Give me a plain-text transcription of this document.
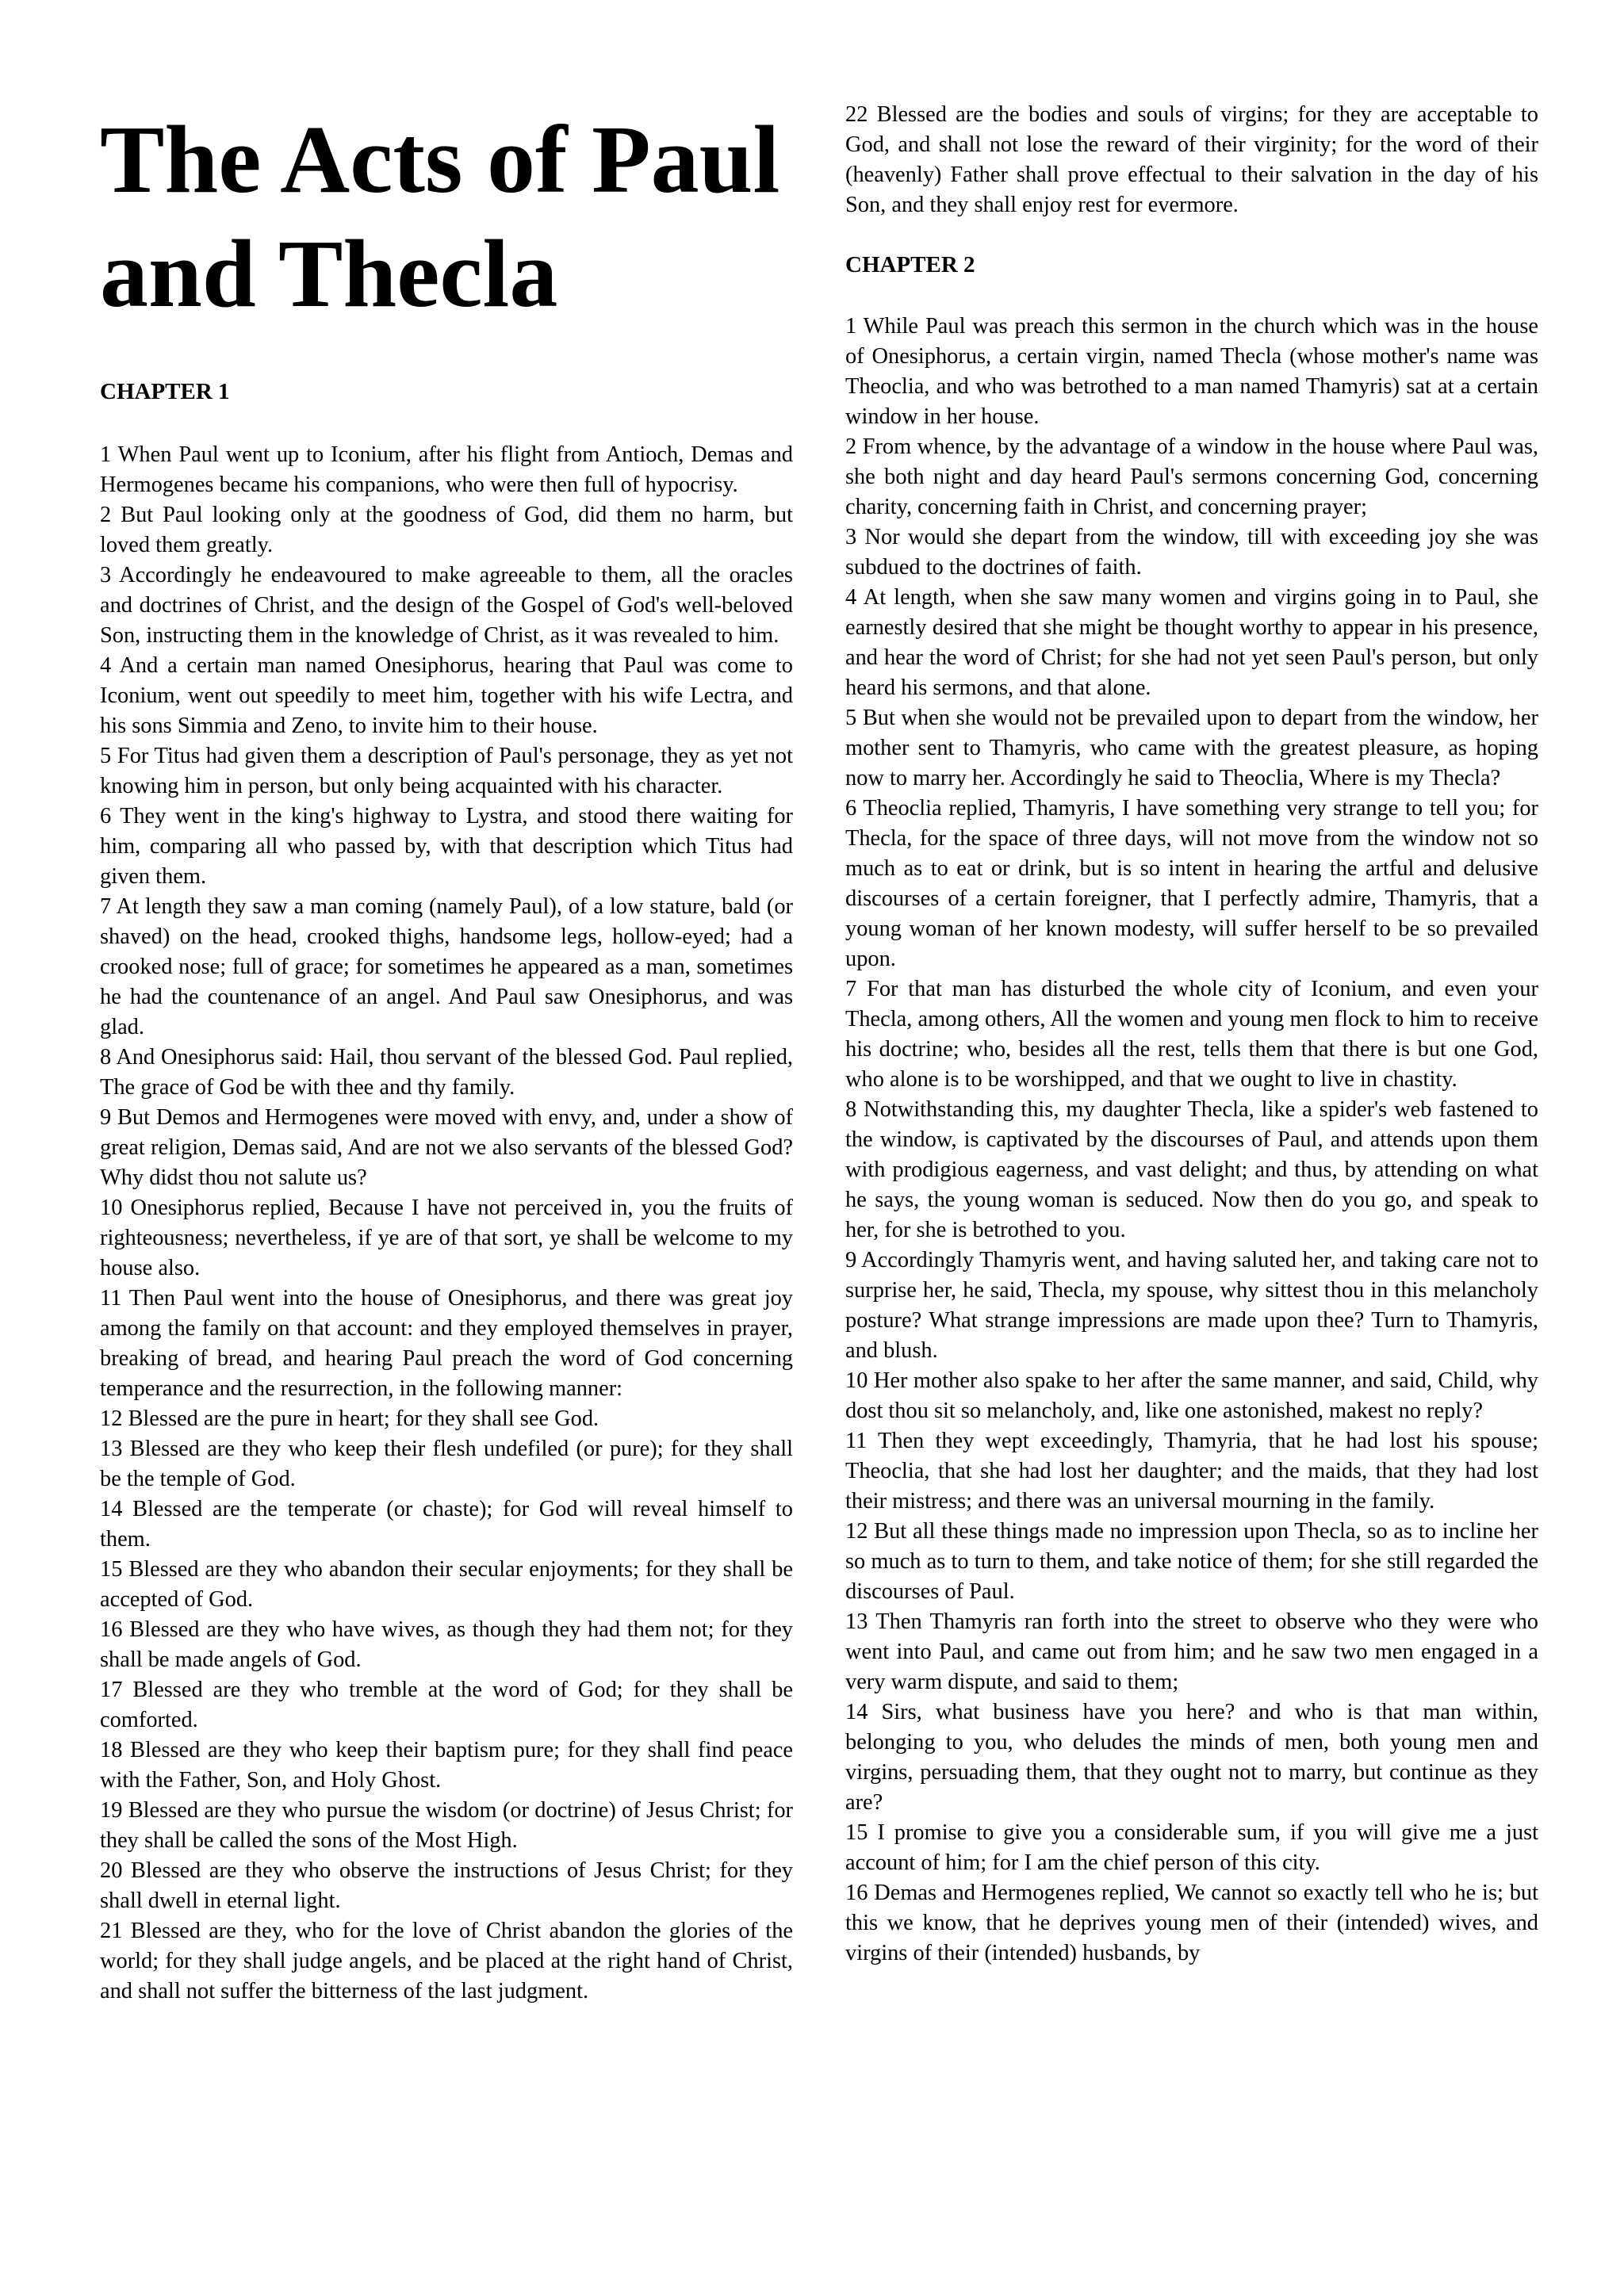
The Acts of Paul and Thecla
CHAPTER 1

1 When Paul went up to Iconium, after his flight from Antioch, Demas and Hermogenes became his companions, who were then full of hypocrisy.

2 But Paul looking only at the goodness of God, did them no harm, but loved them greatly.

3 Accordingly he endeavoured to make agreeable to them, all the oracles and doctrines of Christ, and the design of the Gospel of God's well-beloved Son, instructing them in the knowledge of Christ, as it was revealed to him.

4 And a certain man named Onesiphorus, hearing that Paul was come to Iconium, went out speedily to meet him, together with his wife Lectra, and his sons Simmia and Zeno, to invite him to their house.

5 For Titus had given them a description of Paul's personage, they as yet not knowing him in person, but only being acquainted with his character.

6 They went in the king's highway to Lystra, and stood there waiting for him, comparing all who passed by, with that description which Titus had given them.

7 At length they saw a man coming (namely Paul), of a low stature, bald (or shaved) on the head, crooked thighs, handsome legs, hollow-eyed; had a crooked nose; full of grace; for sometimes he appeared as a man, sometimes he had the countenance of an angel. And Paul saw Onesiphorus, and was glad.

8 And Onesiphorus said: Hail, thou servant of the blessed God. Paul replied, The grace of God be with thee and thy family.

9 But Demos and Hermogenes were moved with envy, and, under a show of great religion, Demas said, And are not we also servants of the blessed God? Why didst thou not salute us?

10 Onesiphorus replied, Because I have not perceived in, you the fruits of righteousness; nevertheless, if ye are of that sort, ye shall be welcome to my house also.

11 Then Paul went into the house of Onesiphorus, and there was great joy among the family on that account: and they employed themselves in prayer, breaking of bread, and hearing Paul preach the word of God concerning temperance and the resurrection, in the following manner:

12 Blessed are the pure in heart; for they shall see God.

13 Blessed are they who keep their flesh undefiled (or pure); for they shall be the temple of God.

14 Blessed are the temperate (or chaste); for God will reveal himself to them.

15 Blessed are they who abandon their secular enjoyments; for they shall be accepted of God.

16 Blessed are they who have wives, as though they had them not; for they shall be made angels of God.

17 Blessed are they who tremble at the word of God; for they shall be comforted.

18 Blessed are they who keep their baptism pure; for they shall find peace with the Father, Son, and Holy Ghost.

19 Blessed are they who pursue the wisdom (or doctrine) of Jesus Christ; for they shall be called the sons of the Most High.

20 Blessed are they who observe the instructions of Jesus Christ; for they shall dwell in eternal light.

21 Blessed are they, who for the love of Christ abandon the glories of the world; for they shall judge angels, and be placed at the right hand of Christ, and shall not suffer the bitterness of the last judgment.

22 Blessed are the bodies and souls of virgins; for they are acceptable to God, and shall not lose the reward of their virginity; for the word of their (heavenly) Father shall prove effectual to their salvation in the day of his Son, and they shall enjoy rest for evermore.

CHAPTER 2

1 While Paul was preach this sermon in the church which was in the house of Onesiphorus, a certain virgin, named Thecla (whose mother's name was Theoclia, and who was betrothed to a man named Thamyris) sat at a certain window in her house.

2 From whence, by the advantage of a window in the house where Paul was, she both night and day heard Paul's sermons concerning God, concerning charity, concerning faith in Christ, and concerning prayer;

3 Nor would she depart from the window, till with exceeding joy she was subdued to the doctrines of faith.

4 At length, when she saw many women and virgins going in to Paul, she earnestly desired that she might be thought worthy to appear in his presence, and hear the word of Christ; for she had not yet seen Paul's person, but only heard his sermons, and that alone.

5 But when she would not be prevailed upon to depart from the window, her mother sent to Thamyris, who came with the greatest pleasure, as hoping now to marry her. Accordingly he said to Theoclia, Where is my Thecla?

6 Theoclia replied, Thamyris, I have something very strange to tell you; for Thecla, for the space of three days, will not move from the window not so much as to eat or drink, but is so intent in hearing the artful and delusive discourses of a certain foreigner, that I perfectly admire, Thamyris, that a young woman of her known modesty, will suffer herself to be so prevailed upon.

7 For that man has disturbed the whole city of Iconium, and even your Thecla, among others, All the women and young men flock to him to receive his doctrine; who, besides all the rest, tells them that there is but one God, who alone is to be worshipped, and that we ought to live in chastity.

8 Notwithstanding this, my daughter Thecla, like a spider's web fastened to the window, is captivated by the discourses of Paul, and attends upon them with prodigious eagerness, and vast delight; and thus, by attending on what he says, the young woman is seduced. Now then do you go, and speak to her, for she is betrothed to you.

9 Accordingly Thamyris went, and having saluted her, and taking care not to surprise her, he said, Thecla, my spouse, why sittest thou in this melancholy posture? What strange impressions are made upon thee? Turn to Thamyris, and blush.

10 Her mother also spake to her after the same manner, and said, Child, why dost thou sit so melancholy, and, like one astonished, makest no reply?

11 Then they wept exceedingly, Thamyria, that he had lost his spouse; Theoclia, that she had lost her daughter; and the maids, that they had lost their mistress; and there was an universal mourning in the family.

12 But all these things made no impression upon Thecla, so as to incline her so much as to turn to them, and take notice of them; for she still regarded the discourses of Paul.

13 Then Thamyris ran forth into the street to observe who they were who went into Paul, and came out from him; and he saw two men engaged in a very warm dispute, and said to them;

14 Sirs, what business have you here? and who is that man within, belonging to you, who deludes the minds of men, both young men and virgins, persuading them, that they ought not to marry, but continue as they are?

15 I promise to give you a considerable sum, if you will give me a just account of him; for I am the chief person of this city.

16 Demas and Hermogenes replied, We cannot so exactly tell who he is; but this we know, that he deprives young men of their (intended) wives, and virgins of their (intended) husbands, by
